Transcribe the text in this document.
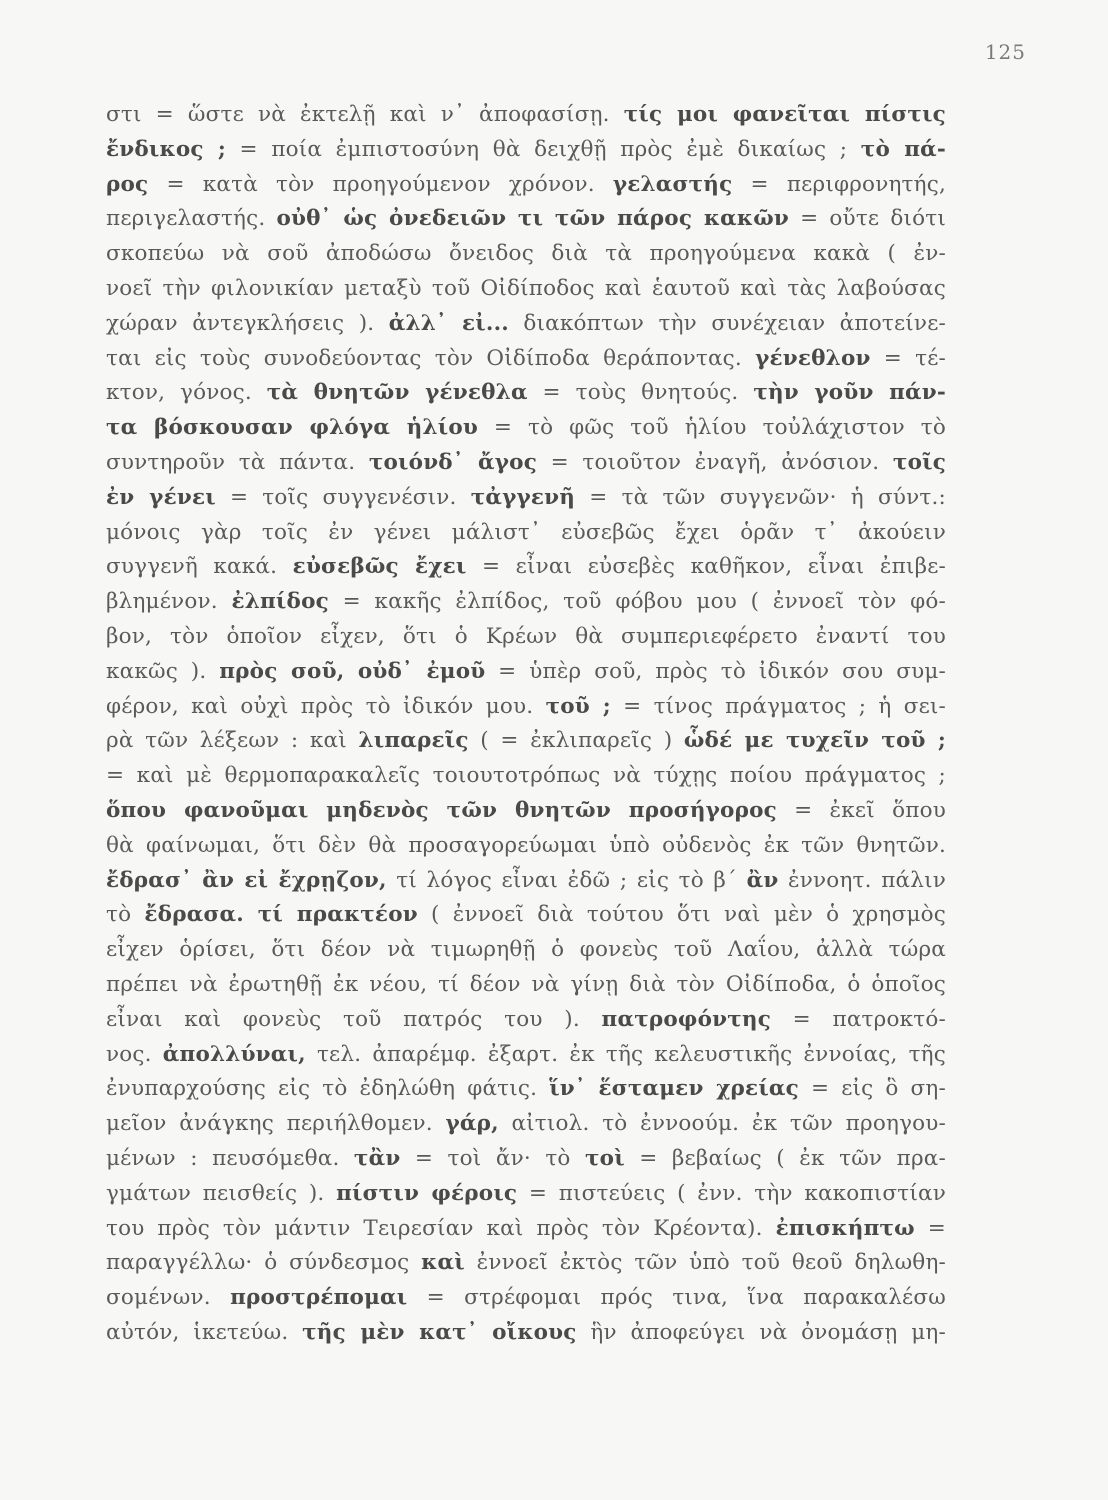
125
στι = ὥστε νὰ ἐκτελῇ καὶ ν᾽ ἀποφασίσῃ. τίς μοι φανεῖται πίστις
ἔνδικος ; = ποία ἐμπιστοσύνη θὰ δειχθῇ πρὸς ἐμὲ δικαίως ; τὸ πά-
ρος = κατὰ τὸν προηγούμενον χρόνον. γελαστής = περιφρονητής,
περιγελαστής. οὐθ᾽ ὡς ὀνεδειῶν τι τῶν πάρος κακῶν = οὔτε διότι
σκοπεύω νὰ σοῦ ἀποδώσω ὄνειδος διὰ τὰ προηγούμενα κακὰ ( ἐν-
νοεῖ τὴν φιλονικίαν μεταξὺ τοῦ Οἰδίποδος καὶ ἑαυτοῦ καὶ τὰς λαβούσας
χώραν ἀντεγκλήσεις ). ἀλλ᾽ εἰ... διακόπτων τὴν συνέχειαν ἀποτείνε-
ται εἰς τοὺς συνοδεύοντας τὸν Οἰδίποδα θεράποντας. γένεθλον = τέ-
κτον, γόνος. τὰ θνητῶν γένεθλα = τοὺς θνητούς. τὴν γοῦν πάν-
τα βόσκουσαν φλόγα ἡλίου = τὸ φῶς τοῦ ἡλίου τοὐλάχιστον τὸ
συντηροῦν τὰ πάντα. τοιόνδ᾽ ἄγος = τοιοῦτον ἐναγῆ, ἀνόσιον. τοῖς
ἐν γένει = τοῖς συγγενέσιν. τἀγγενῆ = τὰ τῶν συγγενῶν· ἡ σύντ.:
μόνοις γὰρ τοῖς ἐν γένει μάλιστ᾽ εὐσεβῶς ἔχει ὁρᾶν τ᾽ ἀκούειν
συγγενῆ κακά. εὐσεβῶς ἔχει = εἶναι εὐσεβὲς καθῆκον, εἶναι ἐπιβε-
βλημένον. ἐλπίδος = κακῆς ἐλπίδος, τοῦ φόβου μου ( ἐννοεῖ τὸν φό-
βον, τὸν ὁποῖον εἶχεν, ὅτι ὁ Κρέων θὰ συμπεριεφέρετο ἐναντί του
κακῶς ). πρὸς σοῦ, οὐδ᾽ ἐμοῦ = ὑπὲρ σοῦ, πρὸς τὸ ἰδικόν σου συμ-
φέρον, καὶ οὐχὶ πρὸς τὸ ἰδικόν μου. τοῦ ; = τίνος πράγματος ; ἡ σει-
ρὰ τῶν λέξεων : καὶ λιπαρεῖς ( = ἐκλιπαρεῖς ) ὧδέ με τυχεῖν τοῦ ;
= καὶ μὲ θερμοπαρακαλεῖς τοιουτοτρόπως νὰ τύχῃς ποίου πράγματος ;
ὅπου φανοῦμαι μηδενὸς τῶν θνητῶν προσήγορος = ἐκεῖ ὅπου
θὰ φαίνωμαι, ὅτι δὲν θὰ προσαγορεύωμαι ὑπὸ οὐδενὸς ἐκ τῶν θνητῶν.
ἔδρασ᾽ ἂν εἰ ἔχρῃζον, τί λόγος εἶναι ἐδῶ ; εἰς τὸ β΄ ἂν ἐννοητ. πάλιν
τὸ ἔδρασα. τί πρακτέον ( ἐννοεῖ διὰ τούτου ὅτι ναὶ μὲν ὁ χρησμὸς
εἶχεν ὁρίσει, ὅτι δέον νὰ τιμωρηθῇ ὁ φονεὺς τοῦ Λαΐου, ἀλλὰ τώρα
πρέπει νὰ ἐρωτηθῇ ἐκ νέου, τί δέον νὰ γίνῃ διὰ τὸν Οἰδίποδα, ὁ ὁποῖος
εἶναι καὶ φονεὺς τοῦ πατρός του ). πατροφόντης = πατροκτό-
νος. ἀπολλύναι, τελ. ἀπαρέμφ. ἐξαρτ. ἐκ τῆς κελευστικῆς ἐννοίας, τῆς
ἐνυπαρχούσης εἰς τὸ ἐδηλώθη φάτις. ἵν᾽ ἕσταμεν χρείας = εἰς ὃ ση-
μεῖον ἀνάγκης περιήλθομεν. γάρ, αἰτιολ. τὸ ἐννοούμ. ἐκ τῶν προηγου-
μένων : πευσόμεθα. τἂν = τοὶ ἄν· τὸ τοὶ = βεβαίως ( ἐκ τῶν πρα-
γμάτων πεισθείς ). πίστιν φέροις = πιστεύεις ( ἐνν. τὴν κακοπιστίαν
του πρὸς τὸν μάντιν Τειρεσίαν καὶ πρὸς τὸν Κρέοντα). ἐπισκήπτω =
παραγγέλλω· ὁ σύνδεσμος καὶ ἐννοεῖ ἐκτὸς τῶν ὑπὸ τοῦ θεοῦ δηλωθη-
σομένων. προστρέπομαι = στρέφομαι πρός τινα, ἵνα παρακαλέσω
αὐτόν, ἱκετεύω. τῆς μὲν κατ᾽ οἴκους ἣν ἀποφεύγει νὰ ὀνομάσῃ μη-
